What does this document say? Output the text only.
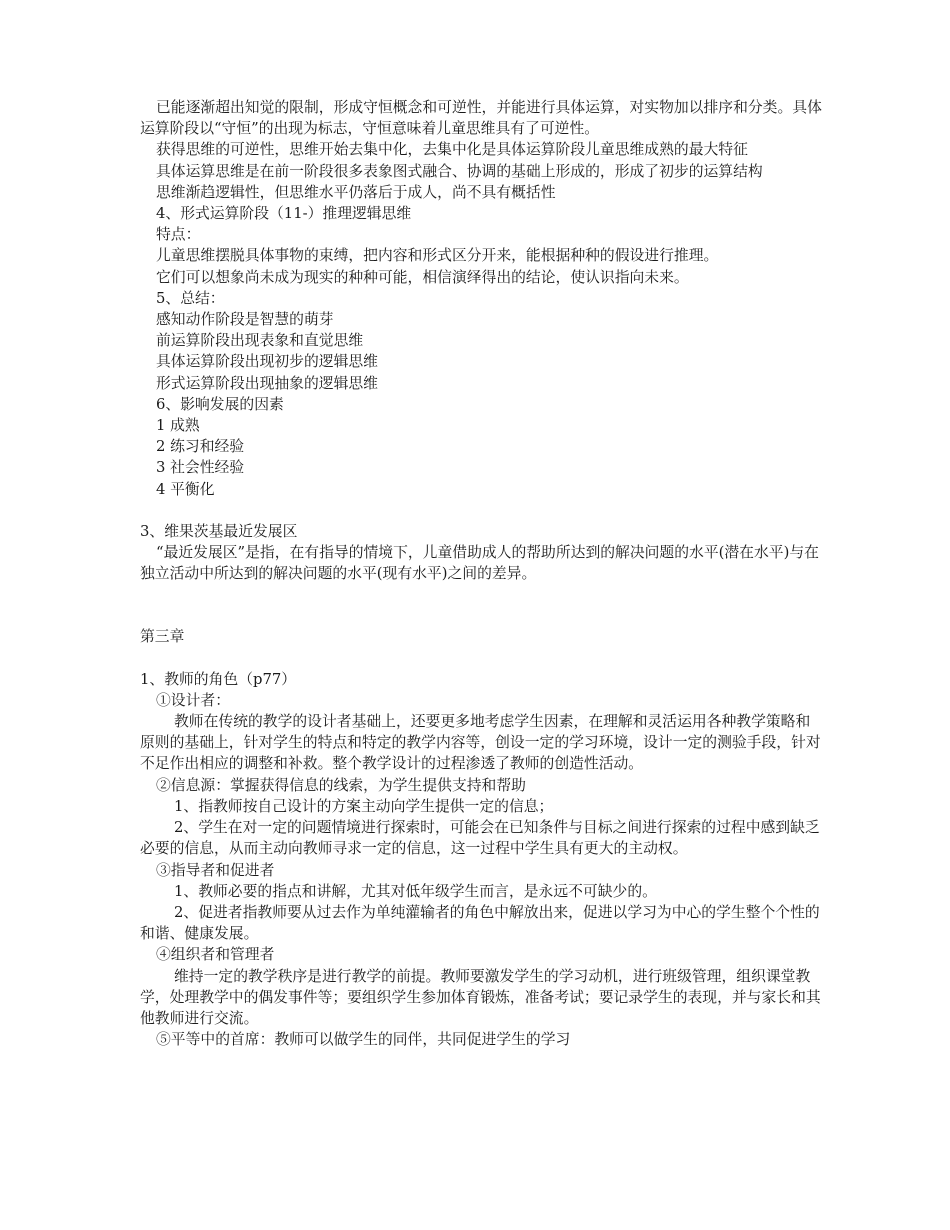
已能逐渐超出知觉的限制，形成守恒概念和可逆性，并能进行具体运算，对实物加以排序和分类。具体运算阶段以“守恒”的出现为标志，守恒意味着儿童思维具有了可逆性。

获得思维的可逆性，思维开始去集中化，去集中化是具体运算阶段儿童思维成熟的最大特征

具体运算思维是在前一阶段很多表象图式融合、协调的基础上形成的，形成了初步的运算结构

思维渐趋逻辑性，但思维水平仍落后于成人，尚不具有概括性

4、形式运算阶段（11-）推理逻辑思维

特点：

儿童思维摆脱具体事物的束缚，把内容和形式区分开来，能根据种种的假设进行推理。

它们可以想象尚未成为现实的种种可能，相信演绎得出的结论，使认识指向未来。

5、总结：

感知动作阶段是智慧的萌芽

前运算阶段出现表象和直觉思维

具体运算阶段出现初步的逻辑思维

形式运算阶段出现抽象的逻辑思维

6、影响发展的因素

1 成熟

2 练习和经验

3 社会性经验

4 平衡化

3、维果茨基最近发展区

“最近发展区”是指，在有指导的情境下，儿童借助成人的帮助所达到的解决问题的水平(潜在水平)与在独立活动中所达到的解决问题的水平(现有水平)之间的差异。

第三章

1、教师的角色（p77）

①设计者：

教师在传统的教学的设计者基础上，还要更多地考虑学生因素，在理解和灵活运用各种教学策略和原则的基础上，针对学生的特点和特定的教学内容等，创设一定的学习环境，设计一定的测验手段，针对不足作出相应的调整和补救。整个教学设计的过程渗透了教师的创造性活动。

②信息源：掌握获得信息的线索，为学生提供支持和帮助

1、指教师按自己设计的方案主动向学生提供一定的信息；

2、学生在对一定的问题情境进行探索时，可能会在已知条件与目标之间进行探索的过程中感到缺乏必要的信息，从而主动向教师寻求一定的信息，这一过程中学生具有更大的主动权。

③指导者和促进者

1、教师必要的指点和讲解，尤其对低年级学生而言，是永远不可缺少的。

2、促进者指教师要从过去作为单纯灌输者的角色中解放出来，促进以学习为中心的学生整个个性的和谐、健康发展。

④组织者和管理者

维持一定的教学秩序是进行教学的前提。教师要激发学生的学习动机，进行班级管理，组织课堂教学，处理教学中的偶发事件等；要组织学生参加体育锻炼，准备考试；要记录学生的表现，并与家长和其他教师进行交流。

⑤平等中的首席：教师可以做学生的同伴，共同促进学生的学习
